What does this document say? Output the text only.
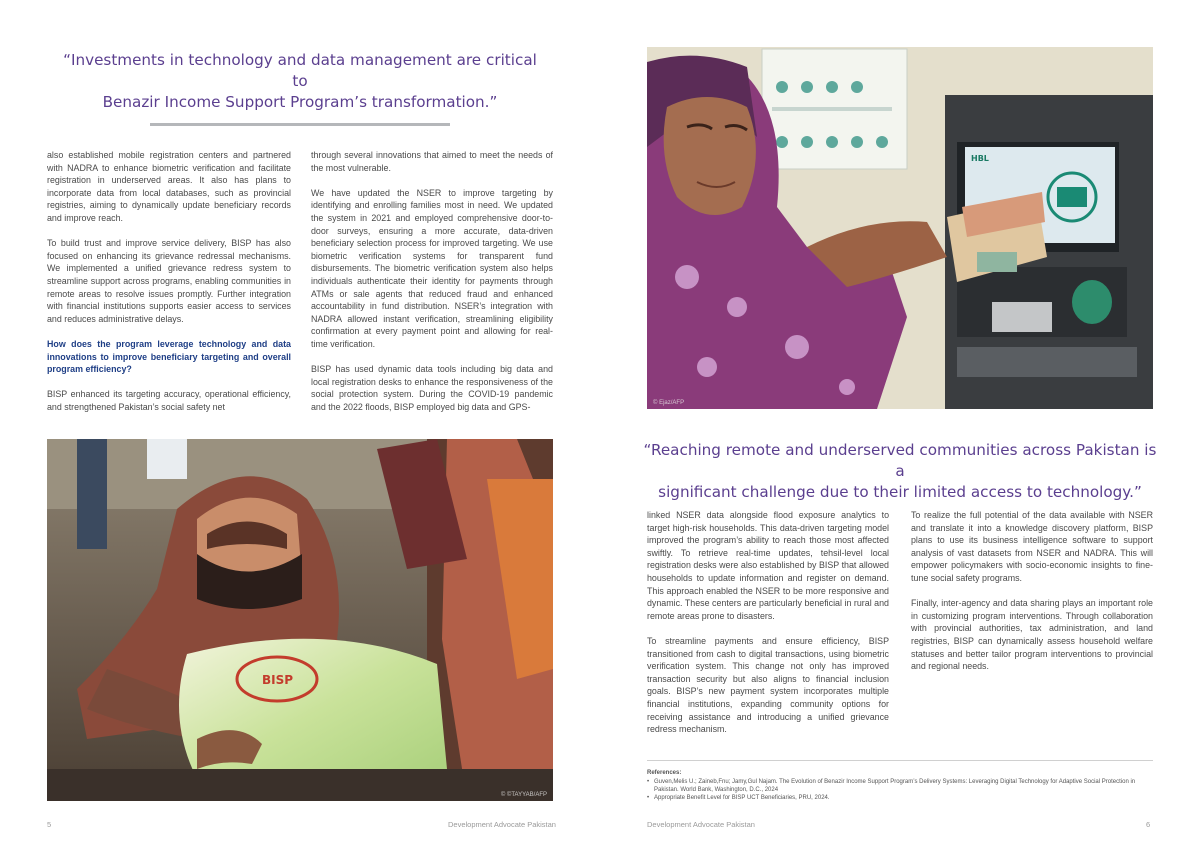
“Investments in technology and data management are critical to
Benazir Income Support Program’s transformation.”

also established mobile registration centers and partnered with NADRA to enhance biometric verification and facilitate registration in underserved areas. It also has plans to incorporate data from local databases, such as provincial registries, aiming to dynamically update beneficiary records and improve reach.

To build trust and improve service delivery, BISP has also focused on enhancing its grievance redressal mechanisms. We implemented a unified grievance redress system to streamline support across programs, enabling communities in remote areas to resolve issues promptly. Further integration with financial institutions supports easier access to services and reduces administrative delays.

How does the program leverage technology and data innovations to improve beneficiary targeting and overall program efficiency?

BISP enhanced its targeting accuracy, operational efficiency, and strengthened Pakistan’s social safety net

through several innovations that aimed to meet the needs of the most vulnerable.

We have updated the NSER to improve targeting by identifying and enrolling families most in need. We updated the system in 2021 and employed comprehensive door-to-door surveys, ensuring a more accurate, data-driven beneficiary selection process for improved targeting. We use biometric verification systems for transparent fund disbursements. The biometric verification system also helps individuals authenticate their identity for payments through ATMs or sale agents that reduced fraud and enhanced accountability in fund distribution. NSER’s integration with NADRA allowed instant verification, streamlining eligibility confirmation at every payment point and allowing for real-time verification.

BISP has used dynamic data tools including big data and local registration desks to enhance the responsiveness of the social protection system. During the COVID-19 pandemic and the 2022 floods, BISP employed big data and GPS-

BISP
© ©TAYYAB/AFP
5	Development Advocate Pakistan
HBL
© Ejaz/AFP
“Reaching remote and underserved communities across Pakistan is a
significant challenge due to their limited access to technology.”

linked NSER data alongside flood exposure analytics to target high-risk households. This data-driven targeting model improved the program’s ability to reach those most affected swiftly. To retrieve real-time updates, tehsil-level local registration desks were also established by BISP that allowed households to update information and register on demand. This approach enabled the NSER to be more responsive and dynamic. These centers are particularly beneficial in rural and remote areas prone to disasters.

To streamline payments and ensure efficiency, BISP transitioned from cash to digital transactions, using biometric verification system. This change not only has improved transaction security but also aligns to financial inclusion goals. BISP’s new payment system incorporates multiple financial institutions, expanding community options for receiving assistance and introducing a unified grievance redress mechanism.

To realize the full potential of the data available with NSER and translate it into a knowledge discovery platform, BISP plans to use its business intelligence software to support analysis of vast datasets from NSER and NADRA. This will empower policymakers with socio-economic insights to fine-tune social safety programs.

Finally, inter-agency and data sharing plays an important role in customizing program interventions. Through collaboration with provincial authorities, tax administration, and land registries, BISP can dynamically assess household welfare statuses and better tailor program interventions to provincial and regional needs.

References:
• Guven,Melis U.; Zaineb,Fnu; Jamy,Gul Najam. The Evolution of Benazir Income Support Program’s Delivery Systems: Leveraging Digital Technology for Adaptive Social Protection in Pakistan. World Bank, Washington, D.C., 2024
• Appropriate Benefit Level for BISP UCT Beneficiaries, PRU, 2024.
Development Advocate Pakistan	6
